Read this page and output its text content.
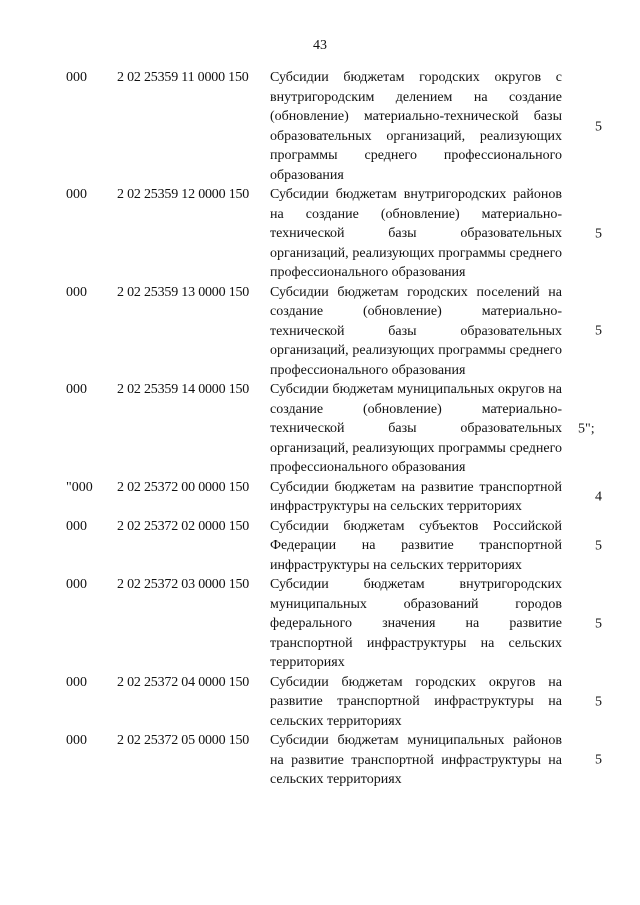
43
000 2 02 25359 11 0000 150 Субсидии бюджетам городских округов с внутригородским делением на создание (обновление) материально-технической базы образовательных организаций, реализующих программы среднего профессионального образования
5
000 2 02 25359 12 0000 150 Субсидии бюджетам внутригородских районов на создание (обновление) материально-технической базы образовательных организаций, реализующих программы среднего профессионального образования
5
000 2 02 25359 13 0000 150 Субсидии бюджетам городских поселений на создание (обновление) материально-технической базы образовательных организаций, реализующих программы среднего профессионального образования
5
000 2 02 25359 14 0000 150 Субсидии бюджетам муниципальных округов на создание (обновление) материально-технической базы образовательных организаций, реализующих программы среднего профессионального образования
5";
"000 2 02 25372 00 0000 150 Субсидии бюджетам на развитие транспортной инфраструктуры на сельских территориях
4
000 2 02 25372 02 0000 150 Субсидии бюджетам субъектов Российской Федерации на развитие транспортной инфраструктуры на сельских территориях
5
000 2 02 25372 03 0000 150 Субсидии бюджетам внутригородских муниципальных образований городов федерального значения на развитие транспортной инфраструктуры на сельских территориях
5
000 2 02 25372 04 0000 150 Субсидии бюджетам городских округов на развитие транспортной инфраструктуры на сельских территориях
5
000 2 02 25372 05 0000 150 Субсидии бюджетам муниципальных районов на развитие транспортной инфраструктуры на сельских территориях
5
